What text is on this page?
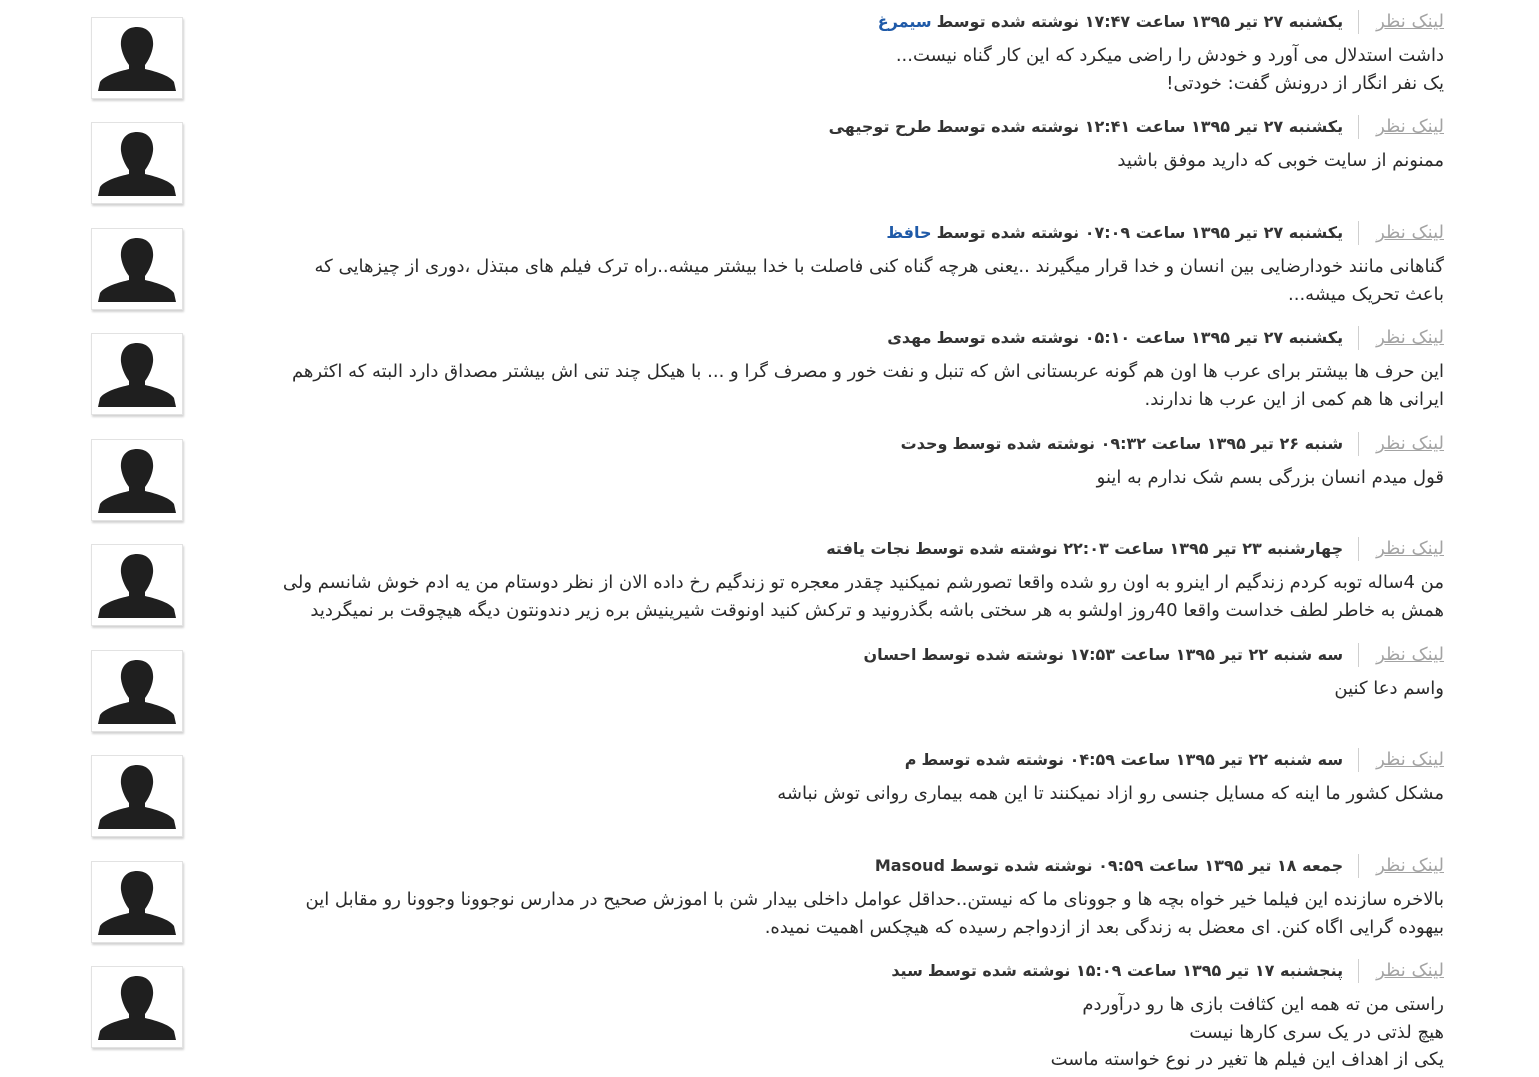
لینک نظریکشنبه ۲۷ تیر ۱۳۹۵ ساعت ۱۷:۴۷ نوشته شده توسط سیمرغ

داشت استدلال می آورد و خودش را راضی میکرد که این کار گناه نیست...

یک نفر انگار از درونش گفت: خودتی!

لینک نظریکشنبه ۲۷ تیر ۱۳۹۵ ساعت ۱۲:۴۱ نوشته شده توسط طرح توجیهی

ممنونم از سایت خوبی که دارید موفق باشید

لینک نظریکشنبه ۲۷ تیر ۱۳۹۵ ساعت ۰۷:۰۹ نوشته شده توسط حافظ

گناهانی مانند خودارضایی بین انسان و خدا قرار میگیرند ..یعنی هرچه گناه کنی فاصلت با خدا بیشتر میشه..راه ترک فیلم های مبتذل ،دوری از چیزهایی که

باعث تحریک میشه...

لینک نظریکشنبه ۲۷ تیر ۱۳۹۵ ساعت ۰۵:۱۰ نوشته شده توسط مهدی

این حرف ها بیشتر برای عرب ها اون هم گونه عربستانی اش که تنبل و نفت خور و مصرف گرا و ... با هیکل چند تنی اش بیشتر مصداق دارد البته که اکثرهم

ایرانی ها هم کمی از این عرب ها ندارند.

لینک نظرشنبه ۲۶ تیر ۱۳۹۵ ساعت ۰۹:۳۲ نوشته شده توسط وحدت

قول میدم انسان بزرگی بسم شک ندارم به اینو

لینک نظرچهارشنبه ۲۳ تیر ۱۳۹۵ ساعت ۲۲:۰۳ نوشته شده توسط نجات یافته

من 4ساله توبه کردم زندگیم ار اینرو به اون رو شده واقعا تصورشم نمیکنید چقدر معجره تو زندگیم رخ داده الان از نظر دوستام من یه ادم خوش شانسم ولی

همش به خاطر لطف خداست واقعا 40روز اولشو به هر سختی باشه بگذرونید و ترکش کنید اونوقت شیرینیش بره زیر دندونتون دیگه هیچوقت بر نمیگردید

لینک نظرسه شنبه ۲۲ تیر ۱۳۹۵ ساعت ۱۷:۵۳ نوشته شده توسط احسان

واسم دعا کنین

لینک نظرسه شنبه ۲۲ تیر ۱۳۹۵ ساعت ۰۴:۵۹ نوشته شده توسط م

مشکل کشور ما اینه که مسایل جنسی رو ازاد نمیکنند تا این همه بیماری روانی توش نباشه

لینک نظرجمعه ۱۸ تیر ۱۳۹۵ ساعت ۰۹:۵۹ نوشته شده توسط Masoud

بالاخره سازنده این فیلما خیر خواه بچه ها و جوونای ما که نیستن..حداقل عوامل داخلی بیدار شن با اموزش صحیح در مدارس نوجوونا وجوونا رو مقابل این

بیهوده گرایی اگاه کنن. ای معضل به زندگی بعد از ازدواجم رسیده که هیچکس اهمیت نمیده.

لینک نظرپنجشنبه ۱۷ تیر ۱۳۹۵ ساعت ۱۵:۰۹ نوشته شده توسط سید

راستی من ته همه این کثافت بازی ها رو درآوردم

هیچ لذتی در یک سری کارها نیست

یکی از اهداف این فیلم ها تغیر در نوع خواسته ماست
